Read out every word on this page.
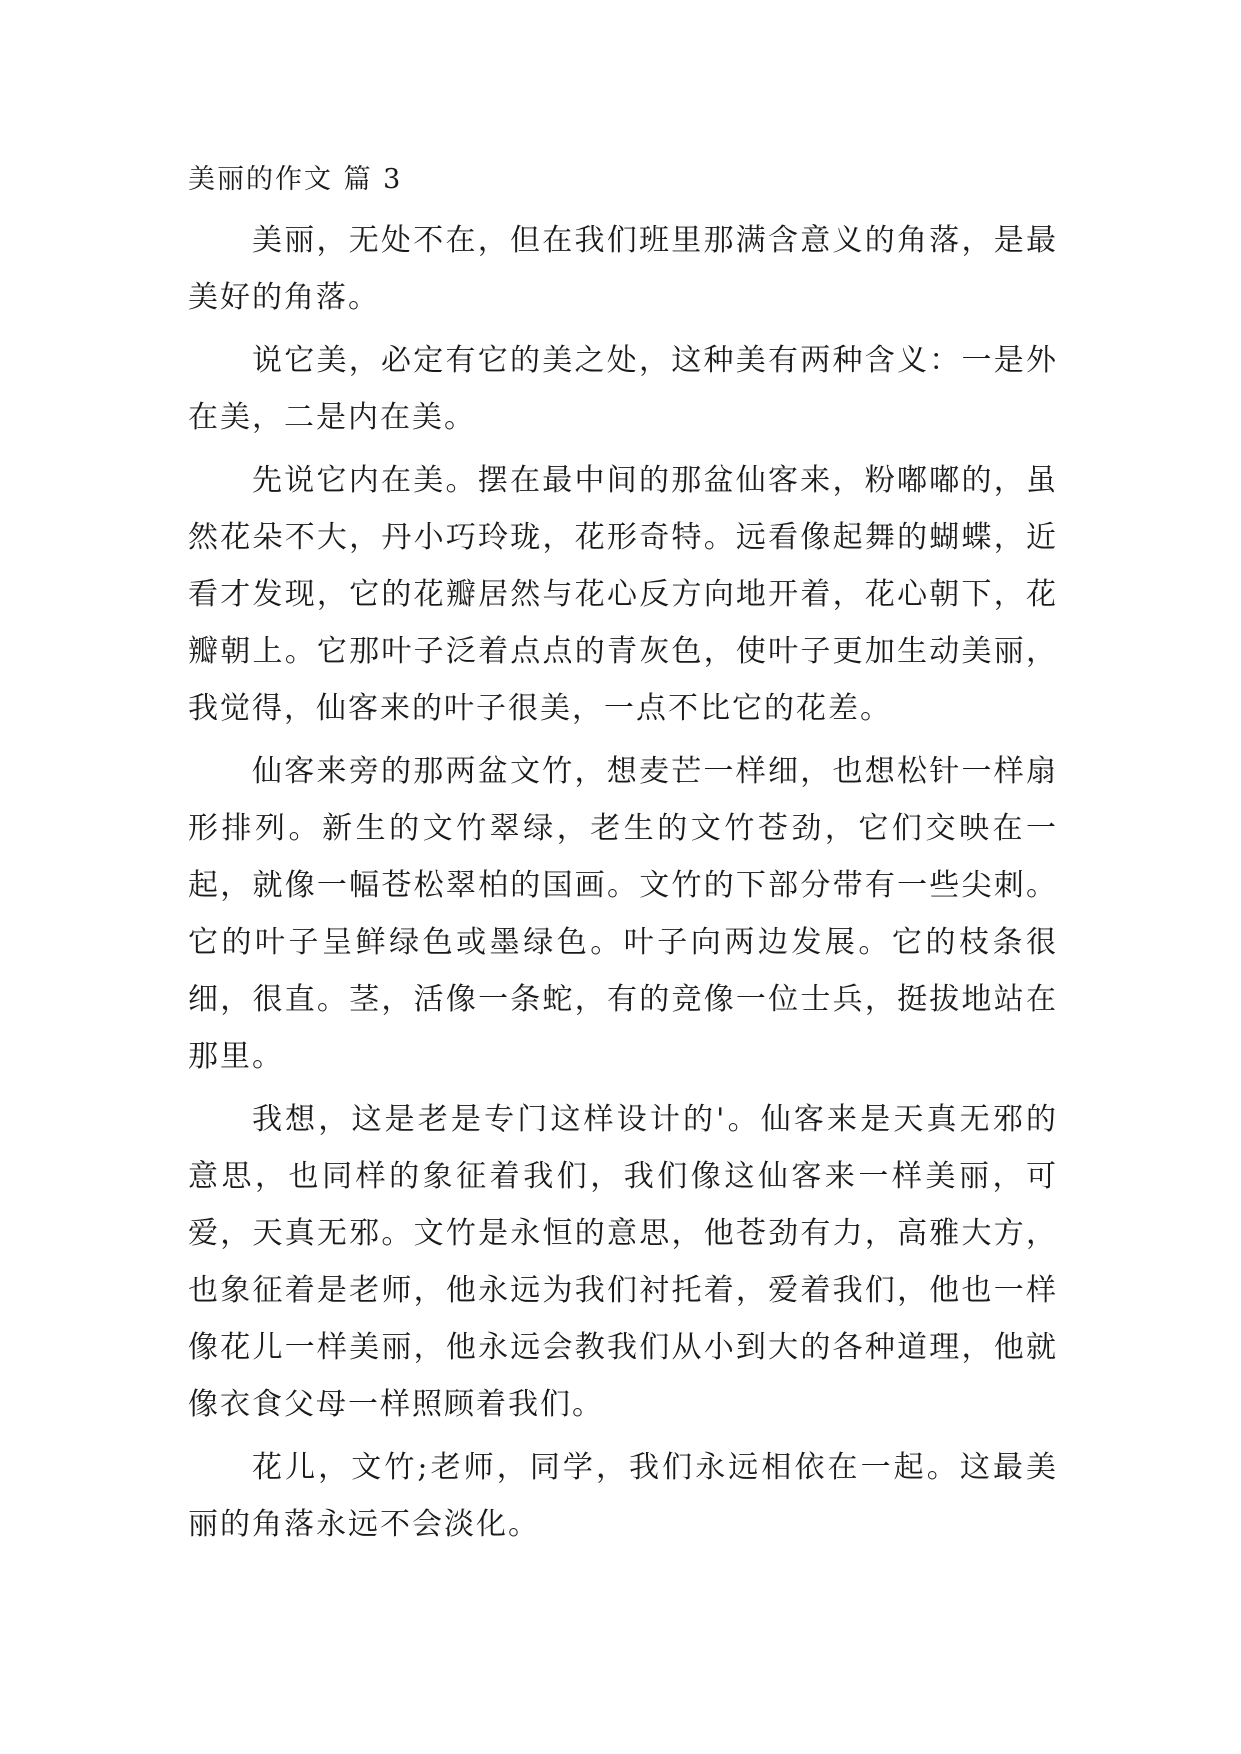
美丽的作文 篇 3

美丽，无处不在，但在我们班里那满含意义的角落，是最美好的角落。

说它美，必定有它的美之处，这种美有两种含义：一是外在美，二是内在美。

先说它内在美。摆在最中间的那盆仙客来，粉嘟嘟的，虽然花朵不大，丹小巧玲珑，花形奇特。远看像起舞的蝴蝶，近看才发现，它的花瓣居然与花心反方向地开着，花心朝下，花瓣朝上。它那叶子泛着点点的青灰色，使叶子更加生动美丽，我觉得，仙客来的叶子很美，一点不比它的花差。

仙客来旁的那两盆文竹，想麦芒一样细，也想松针一样扇形排列。新生的文竹翠绿，老生的文竹苍劲，它们交映在一起，就像一幅苍松翠柏的国画。文竹的下部分带有一些尖刺。它的叶子呈鲜绿色或墨绿色。叶子向两边发展。它的枝条很细，很直。茎，活像一条蛇，有的竞像一位士兵，挺拔地站在那里。

我想，这是老是专门这样设计的'。仙客来是天真无邪的意思，也同样的象征着我们，我们像这仙客来一样美丽，可爱，天真无邪。文竹是永恒的意思，他苍劲有力，高雅大方，也象征着是老师，他永远为我们衬托着，爱着我们，他也一样像花儿一样美丽，他永远会教我们从小到大的各种道理，他就像衣食父母一样照顾着我们。

花儿，文竹;老师，同学，我们永远相依在一起。这最美丽的角落永远不会淡化。
